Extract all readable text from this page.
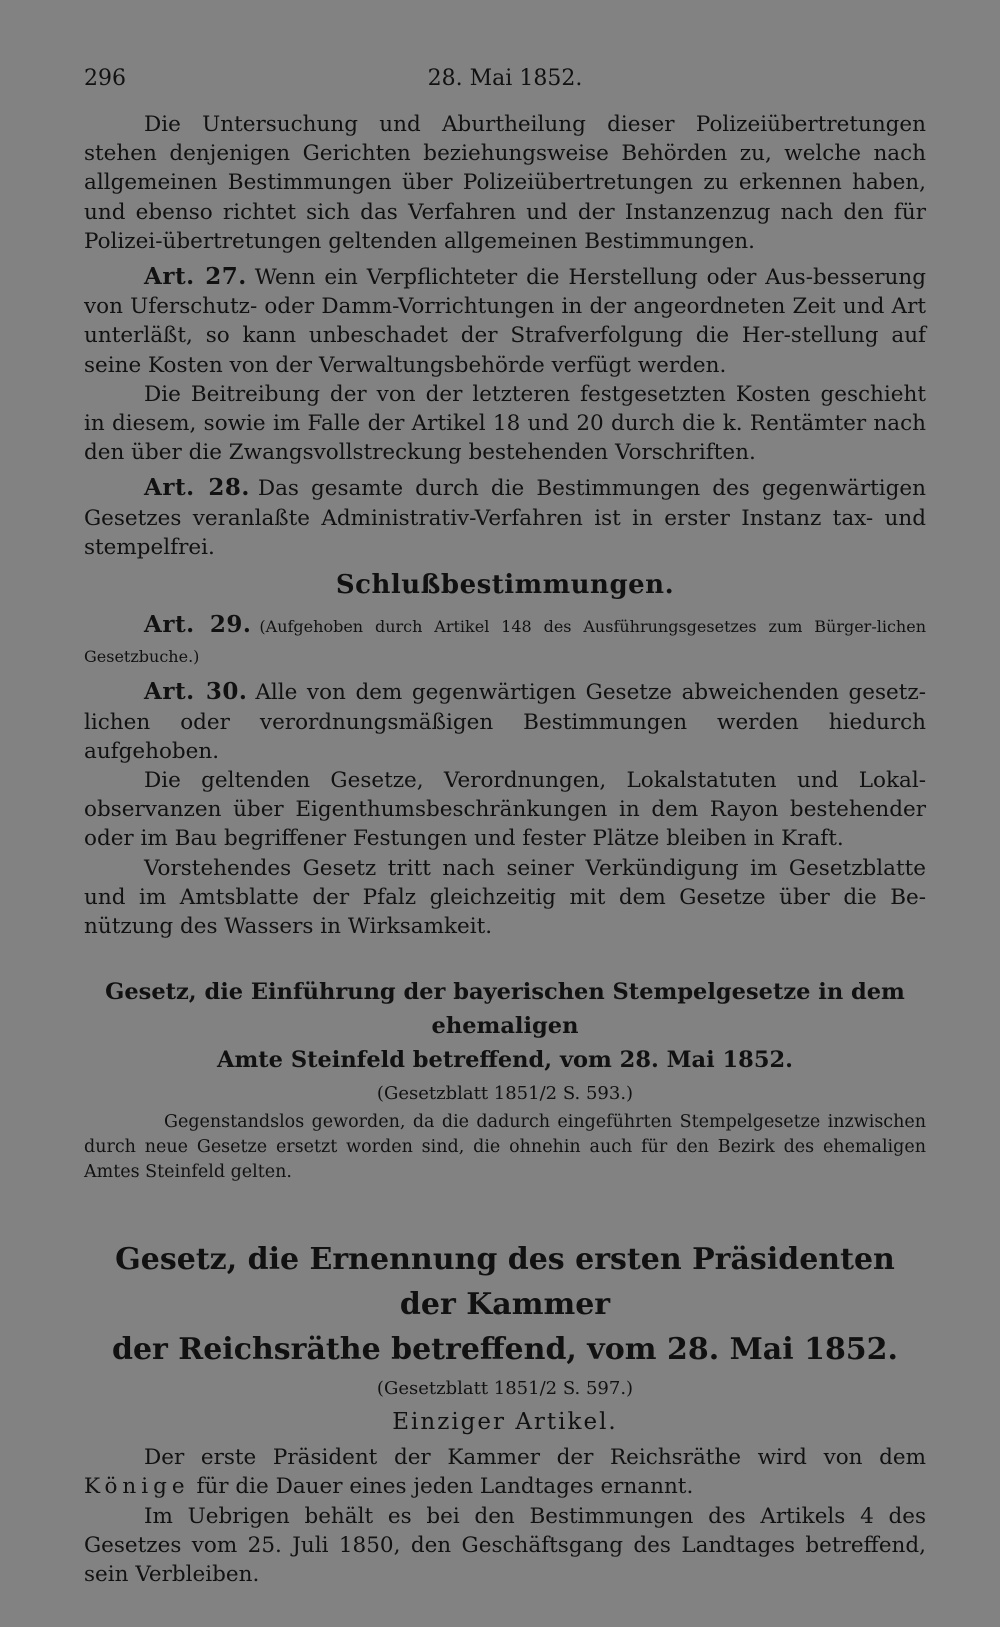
296	28. Mai 1852.

Die Untersuchung und Aburtheilung dieser Polizeiübertretungen stehen denjenigen Gerichten beziehungsweise Behörden zu, welche nach allgemeinen Bestimmungen über Polizeiübertretungen zu erkennen haben, und ebenso richtet sich das Verfahren und der Instanzenzug nach den für Polizei-übertretungen geltenden allgemeinen Bestimmungen.

Art. 27. Wenn ein Verpflichteter die Herstellung oder Aus-besserung von Uferschutz- oder Damm-Vorrichtungen in der angeordneten Zeit und Art unterläßt, so kann unbeschadet der Strafverfolgung die Her-stellung auf seine Kosten von der Verwaltungsbehörde verfügt werden.

Die Beitreibung der von der letzteren festgesetzten Kosten geschieht in diesem, sowie im Falle der Artikel 18 und 20 durch die k. Rentämter nach den über die Zwangsvollstreckung bestehenden Vorschriften.

Art. 28. Das gesamte durch die Bestimmungen des gegenwärtigen Gesetzes veranlaßte Administrativ-Verfahren ist in erster Instanz tax- und stempelfrei.

Schlußbestimmungen.

Art. 29. (Aufgehoben durch Artikel 148 des Ausführungsgesetzes zum Bürger-lichen Gesetzbuche.)

Art. 30. Alle von dem gegenwärtigen Gesetze abweichenden gesetz-lichen oder verordnungsmäßigen Bestimmungen werden hiedurch aufgehoben.

Die geltenden Gesetze, Verordnungen, Lokalstatuten und Lokal-observanzen über Eigenthumsbeschränkungen in dem Rayon bestehender oder im Bau begriffener Festungen und fester Plätze bleiben in Kraft.

Vorstehendes Gesetz tritt nach seiner Verkündigung im Gesetzblatte und im Amtsblatte der Pfalz gleichzeitig mit dem Gesetze über die Be-nützung des Wassers in Wirksamkeit.

Gesetz, die Einführung der bayerischen Stempelgesetze in dem ehemaligen

Amte Steinfeld betreffend, vom 28. Mai 1852.

(Gesetzblatt 1851/2 S. 593.)

Gegenstandslos geworden, da die dadurch eingeführten Stempelgesetze inzwischen durch neue Gesetze ersetzt worden sind, die ohnehin auch für den Bezirk des ehemaligen Amtes Steinfeld gelten.

Gesetz, die Ernennung des ersten Präsidenten der Kammer

der Reichsräthe betreffend, vom 28. Mai 1852.

(Gesetzblatt 1851/2 S. 597.)
Einziger Artikel.

Der erste Präsident der Kammer der Reichsräthe wird von dem Könige für die Dauer eines jeden Landtages ernannt.

Im Uebrigen behält es bei den Bestimmungen des Artikels 4 des Gesetzes vom 25. Juli 1850, den Geschäftsgang des Landtages betreffend, sein Verbleiben.
